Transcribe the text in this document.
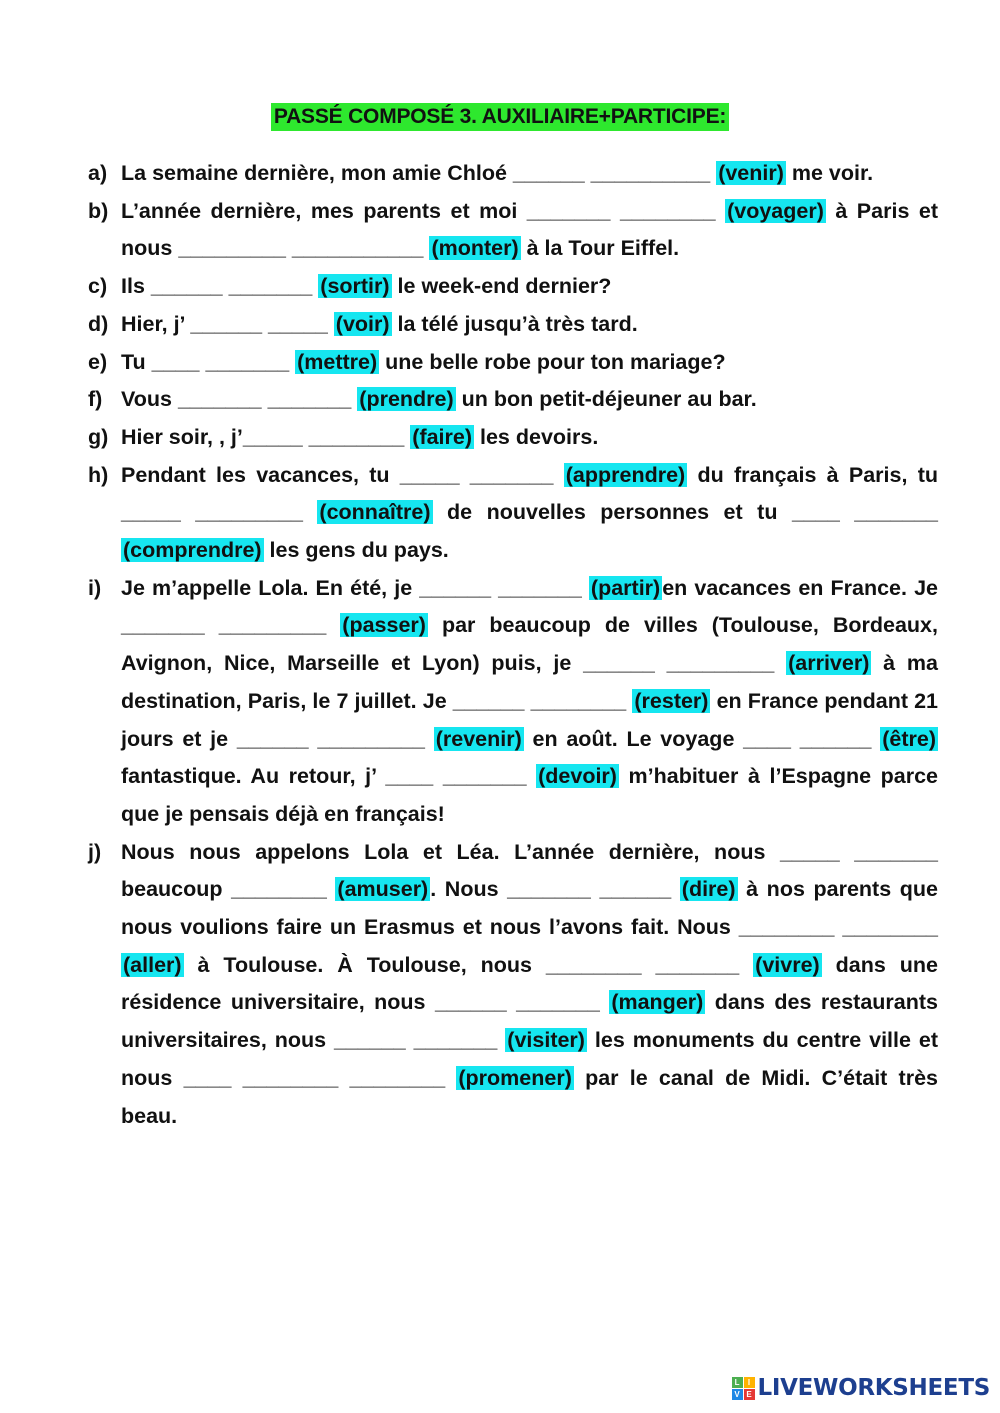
PASSÉ COMPOSÉ 3. AUXILIAIRE+PARTICIPE:
a) La semaine dernière, mon amie Chloé ______ __________ (venir) me voir.
b) L’année dernière, mes parents et moi _______ ________ (voyager) à Paris et nous _________ ___________ (monter) à la Tour Eiffel.
c) Ils ______ _______ (sortir) le week-end dernier?
d) Hier, j’ ______ _____ (voir) la télé jusqu’à très tard.
e) Tu ____ _______ (mettre) une belle robe pour ton mariage?
f) Vous _______ _______ (prendre) un bon petit-déjeuner au bar.
g) Hier soir, , j’_____ ________ (faire) les devoirs.
h) Pendant les vacances, tu _____ _______ (apprendre) du français à Paris, tu _____ _________ (connaître) de nouvelles personnes et tu ____ _______ (comprendre) les gens du pays.
i) Je m’appelle Lola. En été, je ______ _______ (partir)en vacances en France. Je _______ _________ (passer) par beaucoup de villes (Toulouse, Bordeaux, Avignon, Nice, Marseille et Lyon) puis, je ______ _________ (arriver) à ma destination, Paris, le 7 juillet. Je ______ ________ (rester) en France pendant 21 jours et je ______ _________ (revenir) en août. Le voyage ____ ______ (être) fantastique. Au retour, j’ ____ _______ (devoir) m’habituer à l’Espagne parce que je pensais déjà en français!
j) Nous nous appelons Lola et Léa. L’année dernière, nous _____ _______ beaucoup ________ (amuser). Nous _______ ______ (dire) à nos parents que nous voulions faire un Erasmus et nous l’avons fait. Nous ________ ________ (aller) à Toulouse. À Toulouse, nous ________ _______ (vivre) dans une résidence universitaire, nous ______ _______ (manger) dans des restaurants universitaires, nous ______ _______ (visiter) les monuments du centre ville et nous ____ ________ ________ (promener) par le canal de Midi. C’était très beau.
L	I
V E LIVEWORKSHEETS
